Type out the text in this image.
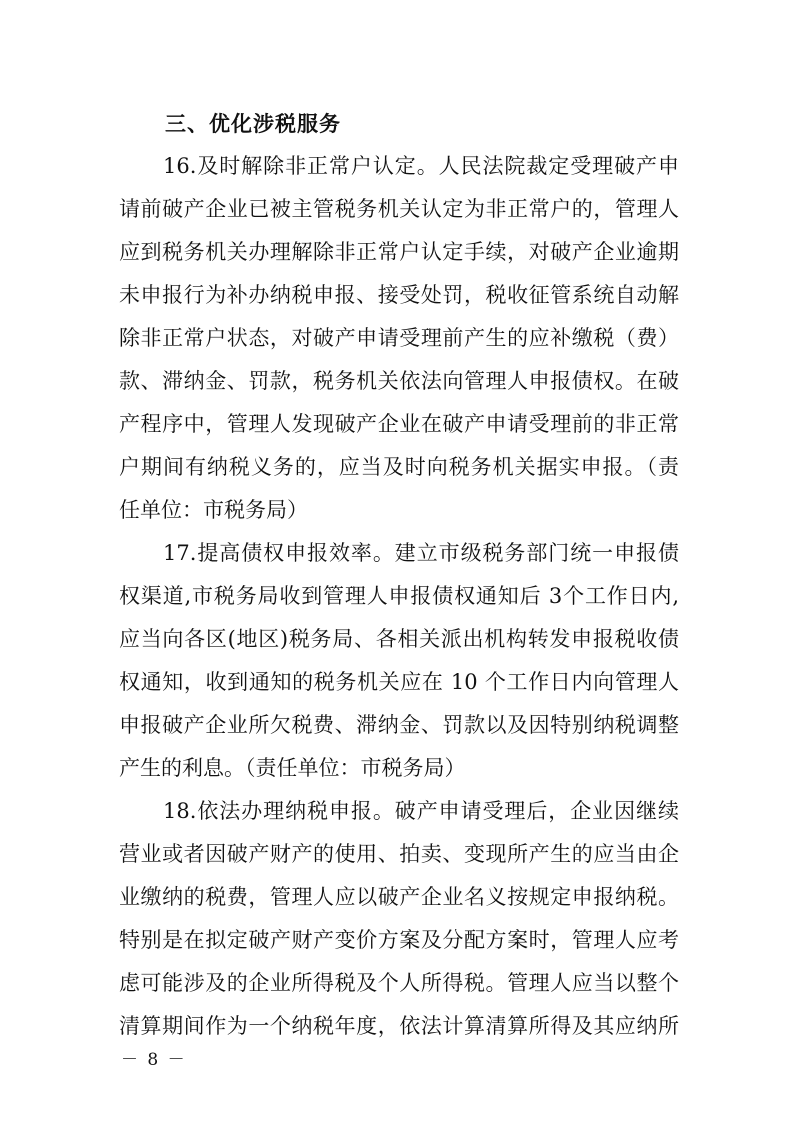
三、优化涉税服务
16.及时解除非正常户认定。人民法院裁定受理破产申
请前破产企业已被主管税务机关认定为非正常户的，管理人
应到税务机关办理解除非正常户认定手续，对破产企业逾期
未申报行为补办纳税申报、接受处罚，税收征管系统自动解
除非正常户状态，对破产申请受理前产生的应补缴税（费）
款、滞纳金、罚款，税务机关依法向管理人申报债权。在破
产程序中，管理人发现破产企业在破产申请受理前的非正常
户期间有纳税义务的，应当及时向税务机关据实申报。（责
任单位：市税务局）
17.提高债权申报效率。建立市级税务部门统一申报债
权渠道,市税务局收到管理人申报债权通知后 3个工作日内,
应当向各区(地区)税务局、各相关派出机构转发申报税收债
权通知，收到通知的税务机关应在 10 个工作日内向管理人
申报破产企业所欠税费、滞纳金、罚款以及因特别纳税调整
产生的利息。（责任单位：市税务局）
18.依法办理纳税申报。破产申请受理后，企业因继续
营业或者因破产财产的使用、拍卖、变现所产生的应当由企
业缴纳的税费，管理人应以破产企业名义按规定申报纳税。
特别是在拟定破产财产变价方案及分配方案时，管理人应考
虑可能涉及的企业所得税及个人所得税。管理人应当以整个
清算期间作为一个纳税年度，依法计算清算所得及其应纳所
－ 8 －
